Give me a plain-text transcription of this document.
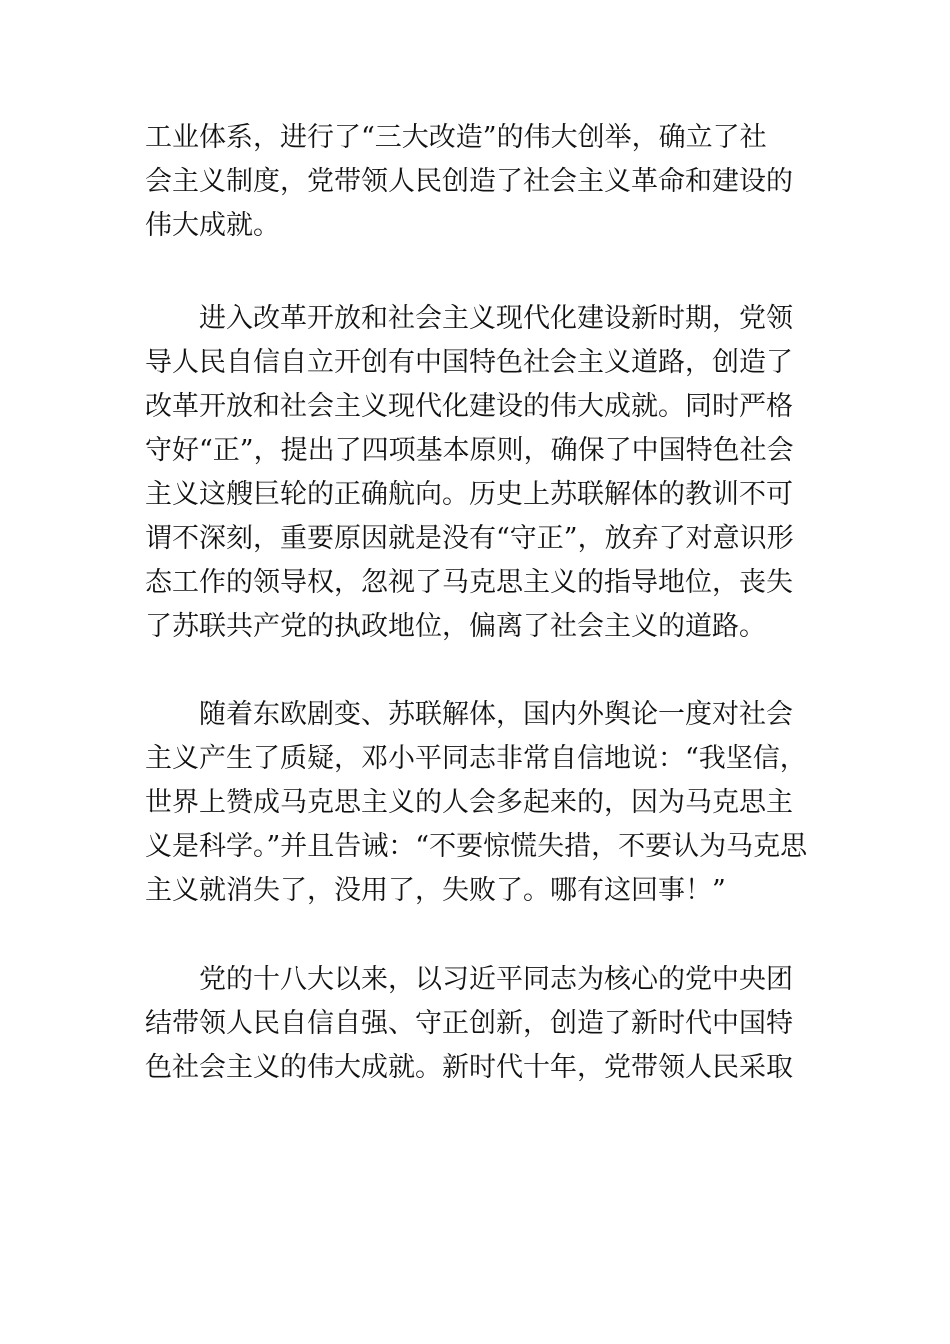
工业体系，进行了“三大改造”的伟大创举，确立了社
会主义制度，党带领人民创造了社会主义革命和建设的
伟大成就。
进入改革开放和社会主义现代化建设新时期，党领
导人民自信自立开创有中国特色社会主义道路，创造了
改革开放和社会主义现代化建设的伟大成就。同时严格
守好“正”，提出了四项基本原则，确保了中国特色社会
主义这艘巨轮的正确航向。历史上苏联解体的教训不可
谓不深刻，重要原因就是没有“守正”，放弃了对意识形
态工作的领导权，忽视了马克思主义的指导地位，丧失
了苏联共产党的执政地位，偏离了社会主义的道路。
随着东欧剧变、苏联解体，国内外舆论一度对社会
主义产生了质疑，邓小平同志非常自信地说：“我坚信，
世界上赞成马克思主义的人会多起来的，因为马克思主
义是科学。”并且告诫：“不要惊慌失措，不要认为马克思
主义就消失了，没用了，失败了。哪有这回事！”
党的十八大以来，以习近平同志为核心的党中央团
结带领人民自信自强、守正创新，创造了新时代中国特
色社会主义的伟大成就。新时代十年，党带领人民采取
